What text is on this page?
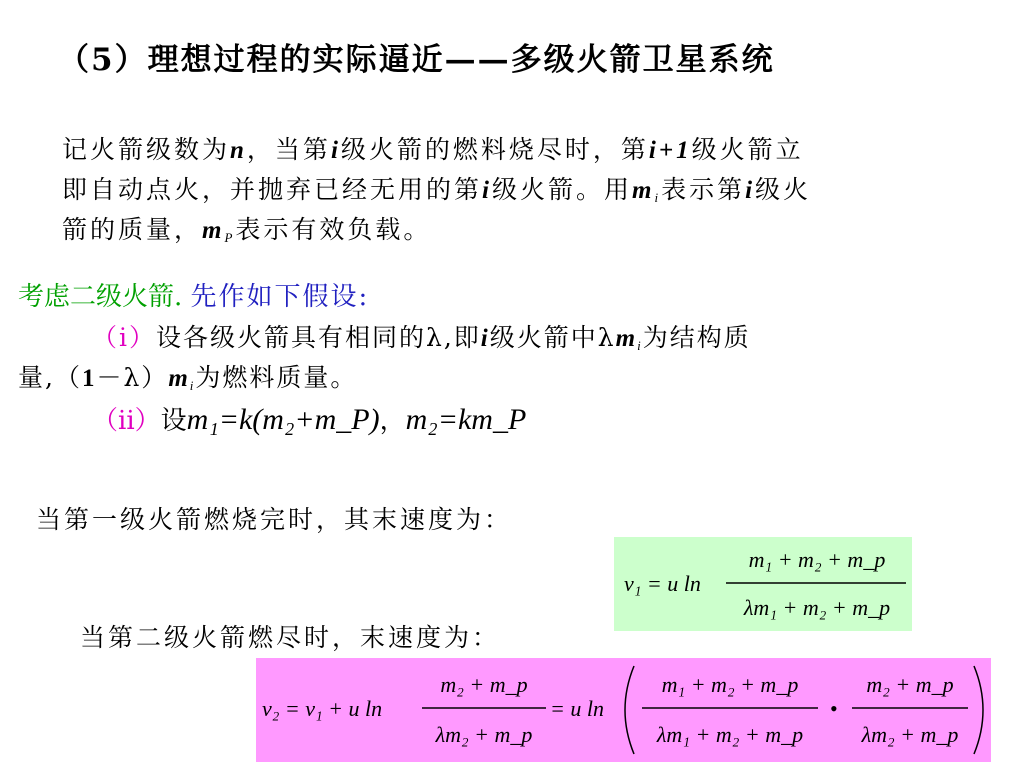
（5）理想过程的实际逼近——多级火箭卫星系统
记火箭级数为n，当第i级火箭的燃料烧尽时，第i+1级火箭立
即自动点火，并抛弃已经无用的第i级火箭。用$m_i$表示第i级火
箭的质量，$m_P$表示有效负载。
考虑二级火箭. 先作如下假设:
（i）设各级火箭具有相同的λ,即i级火箭中$\lambda m_i$为结构质
量$,(1-\lambda)m_i$为燃料质量。
（ii）设m₁=k(m₂+m_P)，m₂=km_P
当第一级火箭燃烧完时，其末速度为：
v₁ = u ln
m₁ + m₂ + m_p
λm₁ + m₂ + m_p
当第二级火箭燃尽时，末速度为：
v₂ = v₁ + u ln
m₂ + m_p
λm₂ + m_p
= u ln
m₁ + m₂ + m_p
λm₁ + m₂ + m_p
•
m₂ + m_p
λm₂ + m_p
